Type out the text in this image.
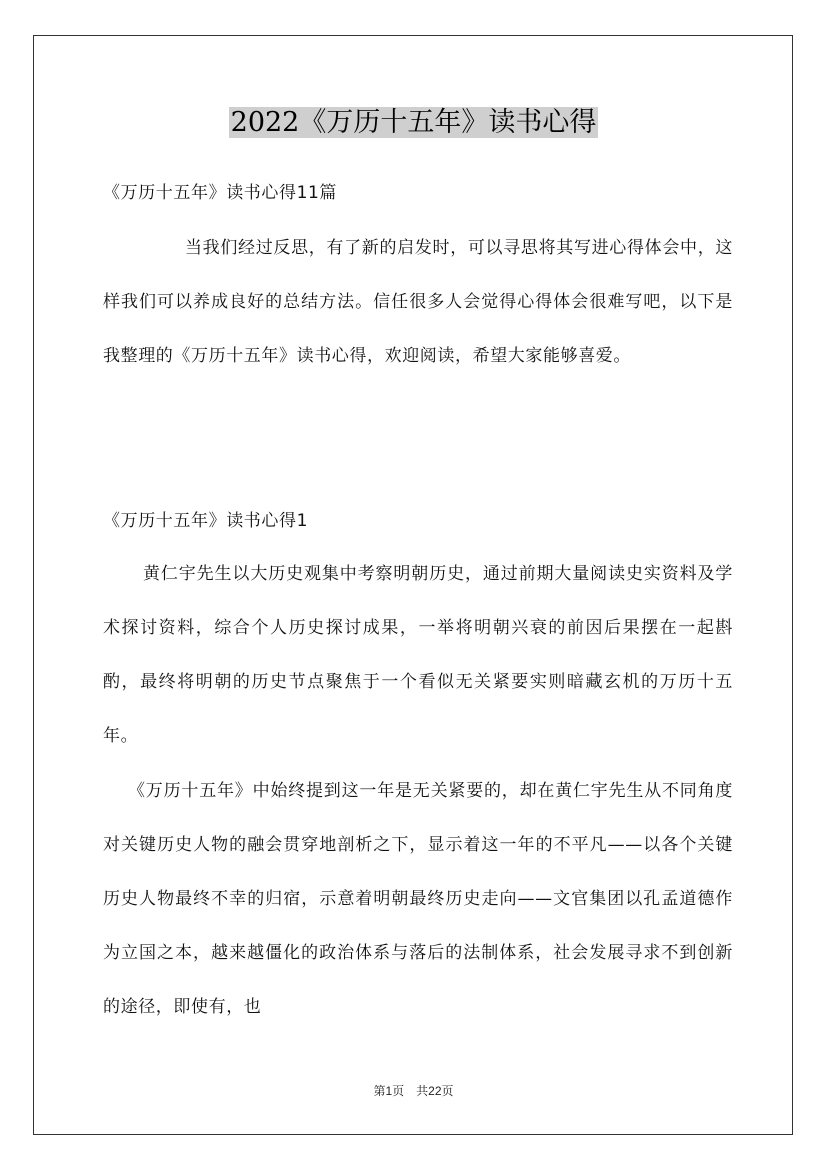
2022《万历十五年》读书心得
《万历十五年》读书心得11篇
当我们经过反思，有了新的启发时，可以寻思将其写进心得体会中，这样我们可以养成良好的总结方法。信任很多人会觉得心得体会很难写吧，以下是我整理的《万历十五年》读书心得，欢迎阅读，希望大家能够喜爱。
《万历十五年》读书心得1
黄仁宇先生以大历史观集中考察明朝历史，通过前期大量阅读史实资料及学术探讨资料，综合个人历史探讨成果，一举将明朝兴衰的前因后果摆在一起斟酌，最终将明朝的历史节点聚焦于一个看似无关紧要实则暗藏玄机的万历十五年。
《万历十五年》中始终提到这一年是无关紧要的，却在黄仁宇先生从不同角度对关键历史人物的融会贯穿地剖析之下，显示着这一年的不平凡——以各个关键历史人物最终不幸的归宿，示意着明朝最终历史走向——文官集团以孔孟道德作为立国之本，越来越僵化的政治体系与落后的法制体系，社会发展寻求不到创新的途径，即使有，也
第1页　共22页
